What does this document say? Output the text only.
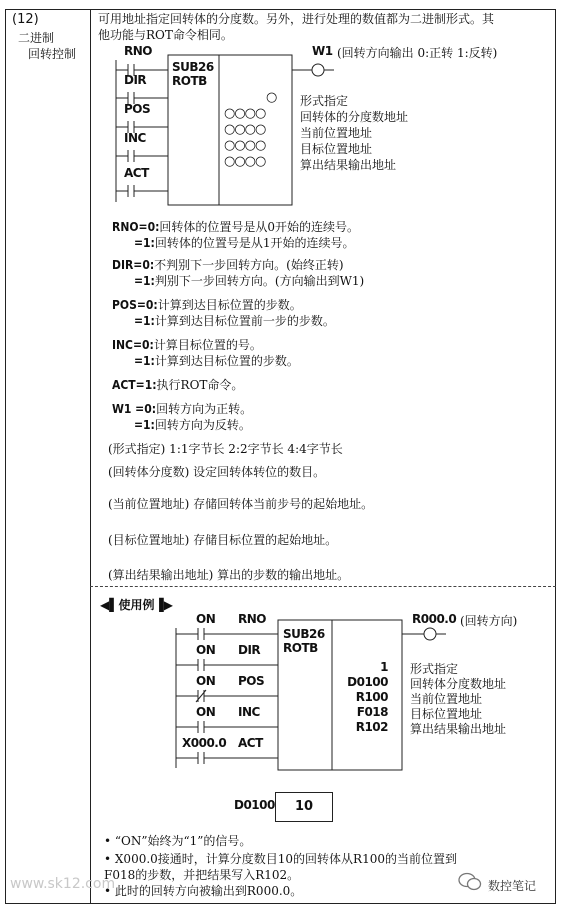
(12)
二进制
回转控制
可用地址指定回转体的分度数。另外，进行处理的数值都为二进制形式。其
他功能与ROT命令相同。
RNO
DIR
POS
INC
ACT
SUB26
ROTB
W1 (回转方向输出 0:正转 1:反转)
○
○○○○
○○○○
○○○○
○○○○
形式指定
回转体的分度数地址
当前位置地址
目标位置地址
算出结果输出地址
RNO=0:回转体的位置号是从0开始的连续号。
=1:回转体的位置号是从1开始的连续号。
DIR=0:不判别下一步回转方向。(始终正转)
=1:判别下一步回转方向。(方向输出到W1)
POS=0:计算到达目标位置的步数。
=1:计算到达目标位置前一步的步数。
INC=0:计算目标位置的号。
=1:计算到达目标位置的步数。
ACT=1:执行ROT命令。
W1 =0:回转方向为正转。
=1:回转方向为反转。
(形式指定) 1:1字节长 2:2字节长 4:4字节长
(回转体分度数) 设定回转体转位的数目。
(当前位置地址) 存储回转体当前步号的起始地址。
(目标位置地址) 存储目标位置的起始地址。
(算出结果输出地址) 算出的步数的输出地址。
◀▌使用例▐▶
ON RNO
ON DIR
ON POS
ON INC
X000.0 ACT
SUB26
ROTB
R000.0 (回转方向)
1
D0100
R100
F018
R102
形式指定
回转体分度数地址
当前位置地址
目标位置地址
算出结果输出地址
D0100	10
• “ON”始终为“1”的信号。
• X000.0接通时，计算分度数目10的回转体从R100的当前位置到
F018的步数，并把结果写入R102。
• 此时的回转方向被输出到R000.0。
www.sk12.com	数控笔记
